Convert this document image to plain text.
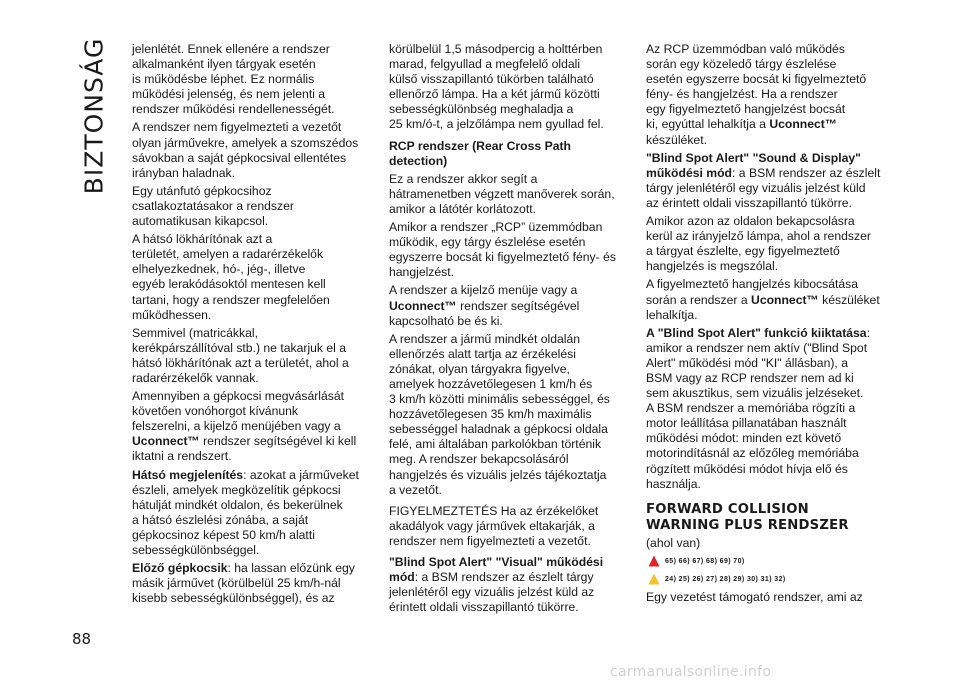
BIZTONSÁG jelenlétét. Ennek ellenére a rendszer
alkalmanként ilyen tárgyak esetén
is működésbe léphet. Ez normális
működési jelenség, és nem jelenti a
rendszer működési rendellenességét.

A rendszer nem figyelmezteti a vezetőt
olyan járművekre, amelyek a szomszédos
sávokban a saját gépkocsival ellentétes
irányban haladnak.

Egy utánfutó gépkocsihoz
csatlakoztatásakor a rendszer
automatikusan kikapcsol.

A hátsó lökhárítónak azt a
területét, amelyen a radarérzékelők
elhelyezkednek, hó-, jég-, illetve
egyéb lerakódásoktól mentesen kell
tartani, hogy a rendszer megfelelően
működhessen.

Semmivel (matricákkal,
kerékpárszállítóval stb.) ne takarjuk el a
hátsó lökhárítónak azt a területét, ahol a
radarérzékelők vannak.

Amennyiben a gépkocsi megvásárlását
követően vonóhorgot kívánunk
felszerelni, a kijelző menüjében vagy a
Uconnect™ rendszer segítségével ki kell
iktatni a rendszert.

Hátsó megjelenítés: azokat a járműveket
észleli, amelyek megközelítik gépkocsi
hátulját mindkét oldalon, és bekerülnek
a hátsó észlelési zónába, a saját
gépkocsinoz képest 50 km/h alatti
sebességkülönbséggel.

Előző gépkocsik: ha lassan előzünk egy
másik járművet (körülbelül 25 km/h-nál
kisebb sebességkülönbséggel), és az

körülbelül 1,5 másodpercig a holttérben
marad, felgyullad a megfelelő oldali
külső visszapillantó tükörben található
ellenőrző lámpa. Ha a két jármű közötti
sebességkülönbség meghaladja a
25 km/ó-t, a jelzőlámpa nem gyullad fel.

RCP rendszer (Rear Cross Path detection)

Ez a rendszer akkor segít a
hátramenetben végzett manőverek során,
amikor a látótér korlátozott.

Amikor a rendszer „RCP” üzemmódban
működik, egy tárgy észlelése esetén
egyszerre bocsát ki figyelmeztető fény- és
hangjelzést.

A rendszer a kijelző menüje vagy a
Uconnect™ rendszer segítségével
kapcsolható be és ki.

A rendszer a jármű mindkét oldalán
ellenőrzés alatt tartja az érzékelési
zónákat, olyan tárgyakra figyelve,
amelyek hozzávetőlegesen 1 km/h és
3 km/h közötti minimális sebességgel, és
hozzávetőlegesen 35 km/h maximális
sebességgel haladnak a gépkocsi oldala
felé, ami általában parkolókban történik
meg. A rendszer bekapcsolásáról
hangjelzés és vizuális jelzés tájékoztatja
a vezetőt.

FIGYELMEZTETÉS Ha az érzékelőket
akadályok vagy járművek eltakarják, a
rendszer nem figyelmezteti a vezetőt.

"Blind Spot Alert" "Visual" működési
mód: a BSM rendszer az észlelt tárgy
jelenlétéről egy vizuális jelzést küld az
érintett oldali visszapillantó tükörre.

Az RCP üzemmódban való működés
során egy közeledő tárgy észlelése
esetén egyszerre bocsát ki figyelmeztető
fény- és hangjelzést. Ha a rendszer
egy figyelmeztető hangjelzést bocsát
ki, egyúttal lehalkítja a Uconnect™
készüléket.

"Blind Spot Alert" "Sound & Display"
működési mód: a BSM rendszer az észlelt
tárgy jelenlétéről egy vizuális jelzést küld
az érintett oldali visszapillantó tükörre.

Amikor azon az oldalon bekapcsolásra
kerül az irányjelző lámpa, ahol a rendszer
a tárgyat észlelte, egy figyelmeztető
hangjelzés is megszólal.

A figyelmeztető hangjelzés kibocsátása
során a rendszer a Uconnect™ készüléket
lehalkítja.

A "Blind Spot Alert" funkció kiiktatása:
amikor a rendszer nem aktív ("Blind Spot
Alert" működési mód "KI" állásban), a
BSM vagy az RCP rendszer nem ad ki
sem akusztikus, sem vizuális jelzéseket.
A BSM rendszer a memóriába rögzíti a
motor leállítása pillanatában használt
működési módot: minden ezt követő
motorindításnál az előzőleg memóriába
rögzített működési módot hívja elő és
használja.

FORWARD COLLISION
WARNING PLUS RENDSZER

(ahol van)

65) 66) 67) 68) 69) 70)
24) 25) 26) 27) 28) 29) 30) 31) 32)

Egy vezetést támogató rendszer, ami az

88
carmanualsonline.info
